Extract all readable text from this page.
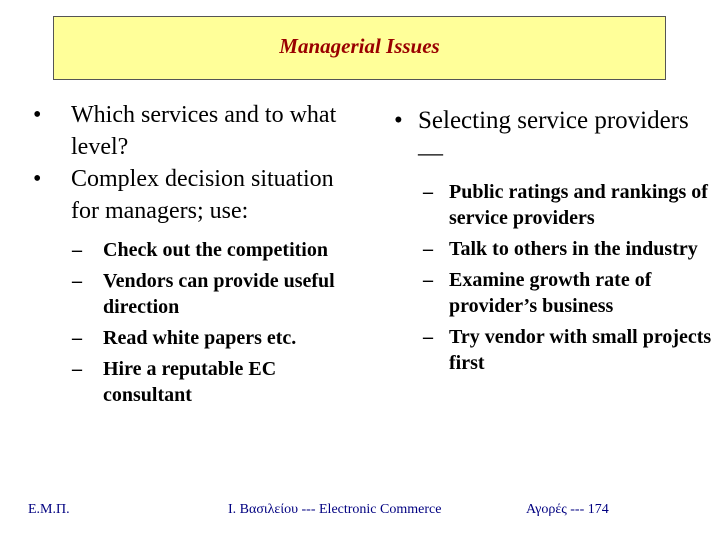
Managerial Issues
•	Which services and to what level?
•	Complex decision situation for managers; use:
–	Check out the competition
–	Vendors can provide useful direction
–	Read white papers etc.
–	Hire a reputable EC consultant
• Selecting service providers—
– Public ratings and rankings of service providers
– Talk to others in the industry
– Examine growth rate of provider’s business
– Try vendor with small projects first
Ε.Μ.Π.	Ι. Βασιλείου --- Electronic Commerce	Αγορές --- 174
